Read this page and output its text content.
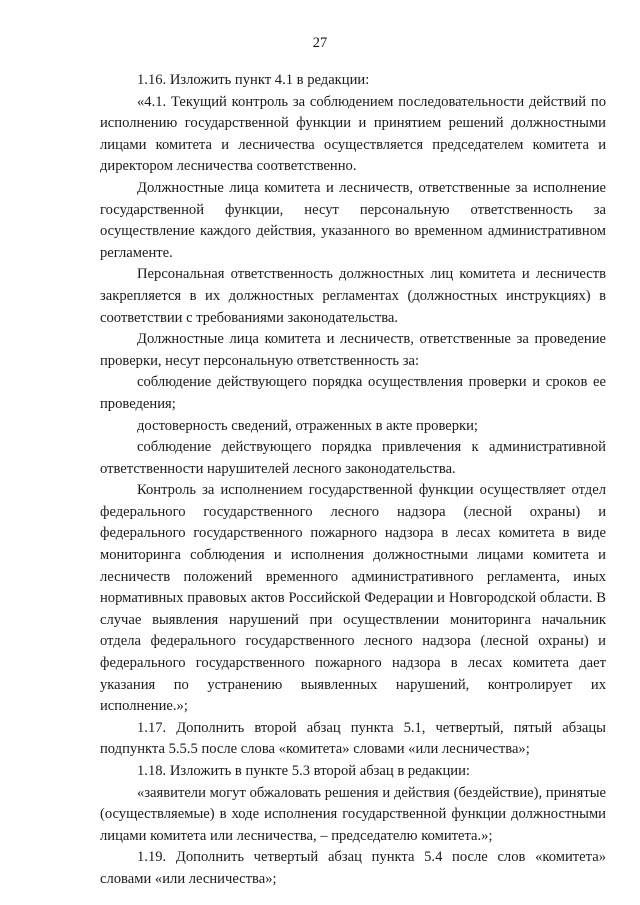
27

1.16. Изложить пункт 4.1 в редакции:

«4.1. Текущий контроль за соблюдением последовательности действий по исполнению государственной функции и принятием решений должностными лицами комитета и лесничества осуществляется председателем комитета и директором лесничества соответственно.

Должностные лица комитета и лесничеств, ответственные за исполнение государственной функции, несут персональную ответственность за осуществление каждого действия, указанного во временном административном регламенте.

Персональная ответственность должностных лиц комитета и лесничеств закрепляется в их должностных регламентах (должностных инструкциях) в соответствии с требованиями законодательства.

Должностные лица комитета и лесничеств, ответственные за проведение проверки, несут персональную ответственность за:

соблюдение действующего порядка осуществления проверки и сроков ее проведения;

достоверность сведений, отраженных в акте проверки;

соблюдение действующего порядка привлечения к административной ответственности нарушителей лесного законодательства.

Контроль за исполнением государственной функции осуществляет отдел федерального государственного лесного надзора (лесной охраны) и федерального государственного пожарного надзора в лесах комитета в виде мониторинга соблюдения и исполнения должностными лицами комитета и лесничеств положений временного административного регламента, иных нормативных правовых актов Российской Федерации и Новгородской области. В случае выявления нарушений при осуществлении мониторинга начальник отдела федерального государственного лесного надзора (лесной охраны) и федерального государственного пожарного надзора в лесах комитета дает указания по устранению выявленных нарушений, контролирует их исполнение.»;

1.17. Дополнить второй абзац пункта 5.1, четвертый, пятый абзацы подпункта 5.5.5 после слова «комитета» словами «или лесничества»;

1.18. Изложить в пункте 5.3 второй абзац в редакции:

«заявители могут обжаловать решения и действия (бездействие), принятые (осуществляемые) в ходе исполнения государственной функции должностными лицами комитета или лесничества, – председателю комитета.»;

1.19. Дополнить четвертый абзац пункта 5.4 после слов «комитета» словами «или лесничества»;
